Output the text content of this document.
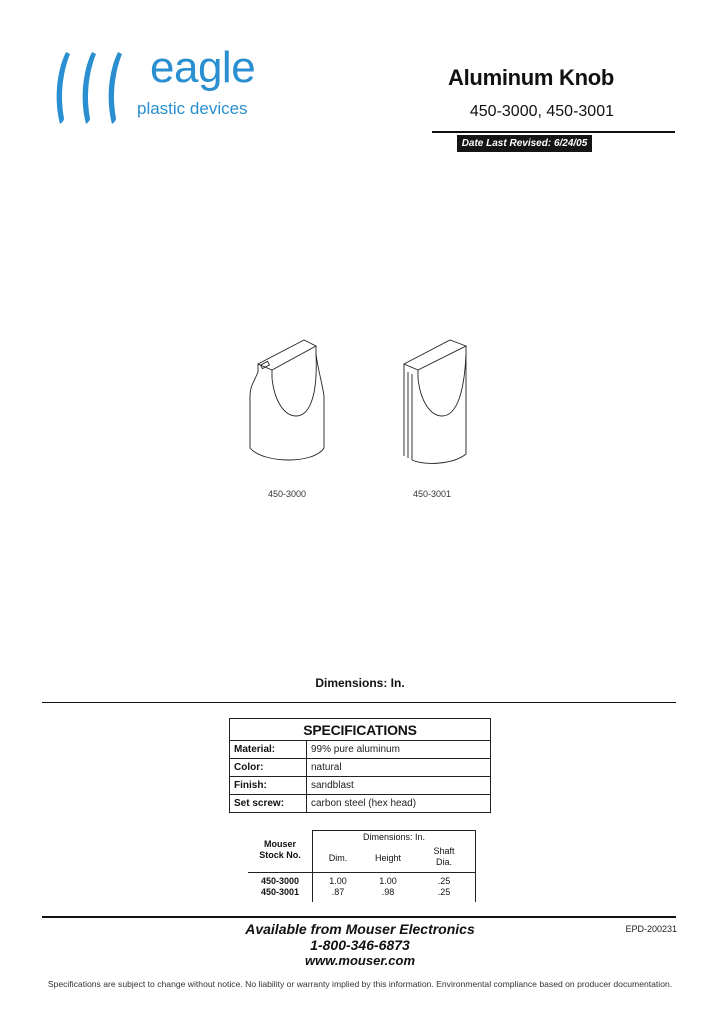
eagle
plastic devices
Aluminum Knob
450-3000, 450-3001
Date Last Revised: 6/24/05
450-3000	450-3001
Dimensions: In.
SPECIFICATIONS	
Material:	99% pure aluminum
Color:	natural
Finish:	sandblast
Set screw:	carbon steel (hex head)
Mouser
Stock No.
Dimensions: In.
Dim.	Height
Shaft
Dia.
450-3000	1.00	1.00	.25
450-3001	.87	.98	.25
Available from Mouser Electronics
1-800-346-6873
www.mouser.com
EPD-200231
Specifications are subject to change without notice. No liability or warranty implied by this information. Environmental compliance based on producer documentation.
